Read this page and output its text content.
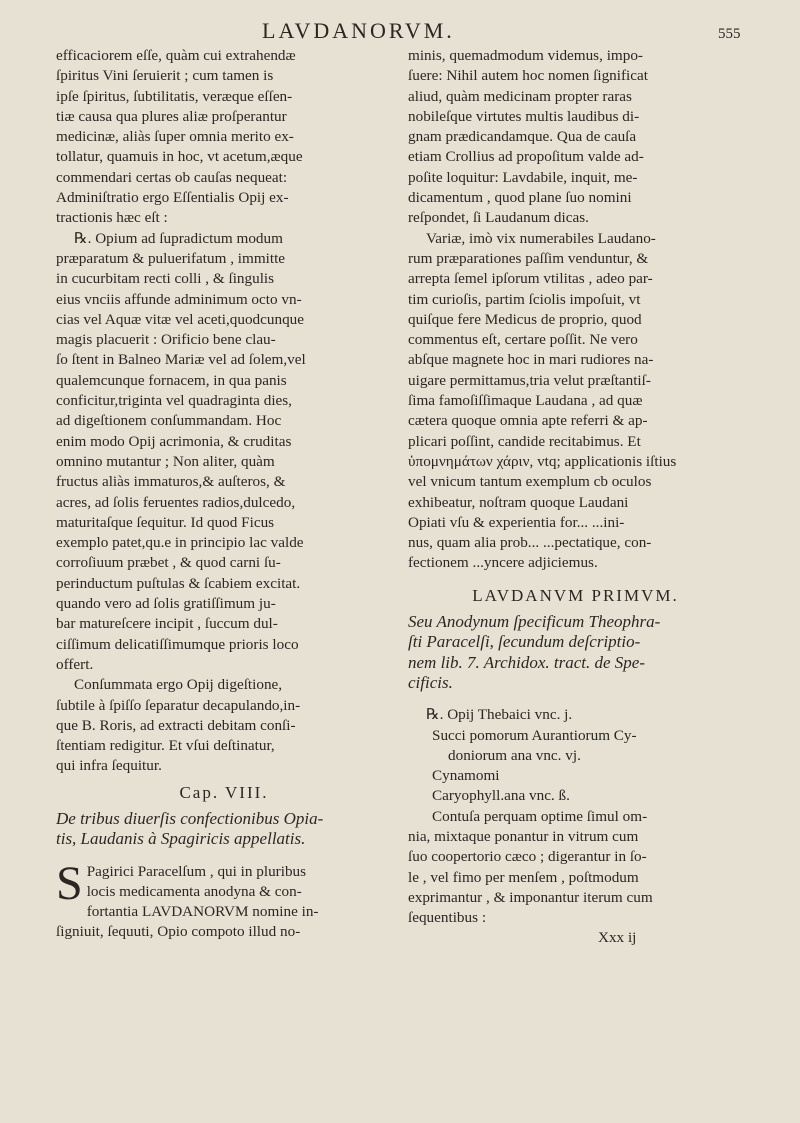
LAVDANORVM.	555
efficaciorem eſſe, quàm cui extrahendæ
ſpiritus Vini ſeruierit ; cum tamen is
ipſe ſpiritus, ſubtilitatis, veræque eſſen-
tiæ causa qua plures aliæ proſperantur
medicinæ, aliàs ſuper omnia merito ex-
tollatur, quamuis in hoc, vt acetum,æque
commendari certas ob cauſas nequeat:
Adminiſtratio ergo Eſſentialis Opij ex-
tractionis hæc eſt :
℞. Opium ad ſupradictum modum
præparatum & puluerifatum , immitte
in cucurbitam recti colli , & ſingulis
eius vnciis affunde adminimum octo vn-
cias vel Aquæ vitæ vel aceti,quodcunque
magis placuerit : Orificio bene clau-
ſo ſtent in Balneo Mariæ vel ad ſolem,vel
qualemcunque fornacem, in qua panis
conficitur,triginta vel quadraginta dies,
ad digeſtionem conſummandam. Hoc
enim modo Opij acrimonia, & cruditas
omnino mutantur ; Non aliter, quàm
fructus aliàs immaturos,& auſteros, &
acres, ad ſolis feruentes radios,dulcedo,
maturitaſque ſequitur. Id quod Ficus
exemplo patet,qu.e in principio lac valde
corroſiuum præbet , & quod carni ſu-
perinductum puſtulas & ſcabiem excitat.
quando vero ad ſolis gratiſſimum ju-
bar matureſcere incipit , ſuccum dul-
ciſſimum delicatiſſimumque prioris loco
offert.
Conſummata ergo Opij digeſtione,
ſubtile à ſpiſſo ſeparatur decapulando,in-
que B. Roris, ad extracti debitam conſi-
ſtentiam redigitur. Et vſui deſtinatur,
qui infra ſequitur.
Cap. VIII.
De tribus diuerſis confectionibus Opia-
tis, Laudanis à Spagiricis appellatis.
S Pagirici Paracelſum , qui in pluribus
locis medicamenta anodyna & con-
fortantia LAVDANORVM nomine in-
ſigniuit, ſequuti, Opio compoto illud no-
minis, quemadmodum videmus, impo-
ſuere: Nihil autem hoc nomen ſignificat
aliud, quàm medicinam propter raras
nobileſque virtutes multis laudibus di-
gnam prædicandamque. Qua de cauſa
etiam Crollius ad propoſitum valde ad-
poſite loquitur: Lavdabile, inquit, me-
dicamentum , quod plane ſuo nomini
reſpondet, ſi Laudanum dicas.
Variæ, imò vix numerabiles Laudano-
rum præparationes paſſim venduntur, &
arrepta ſemel ipſorum vtilitas , adeo par-
tim curioſis, partim ſciolis impoſuit, vt
quiſque fere Medicus de proprio, quod
commentus eſt, certare poſſit. Ne vero
abſque magnete hoc in mari rudiores na-
uigare permittamus,tria velut præſtantiſ-
ſima famoſiſſimaque Laudana , ad quæ
cætera quoque omnia apte referri & ap-
plicari poſſint, candide recitabimus. Et
ὑπομνημάτων χάριν, vtq; applicationis iſtius
vel vnicum tantum exemplum cb oculos
exhibeatur, noſtram quoque Laudani
Opiati vſu & experientia for... ...ini-
nus, quam alia prob... ...pectatique, con-
fectionem ...yncere adjiciemus.
LAVDANVM PRIMVM.
Seu Anodynum ſpecificum Theophra-
ſti Paracelſi, ſecundum deſcriptio-
nem lib. 7. Archidox. tract. de Spe-
cificis.
℞. Opij Thebaici vnc. j.
Succi pomorum Aurantiorum Cy-
doniorum ana vnc. vj.
Cynamomi
Caryophyll.ana vnc. ß.
Contuſa perquam optime ſimul om-
nia, mixtaque ponantur in vitrum cum
ſuo coopertorio cæco ; digerantur in ſo-
le , vel fimo per menſem , poſtmodum
exprimantur , & imponantur iterum cum
ſequentibus :
Xxx ij
